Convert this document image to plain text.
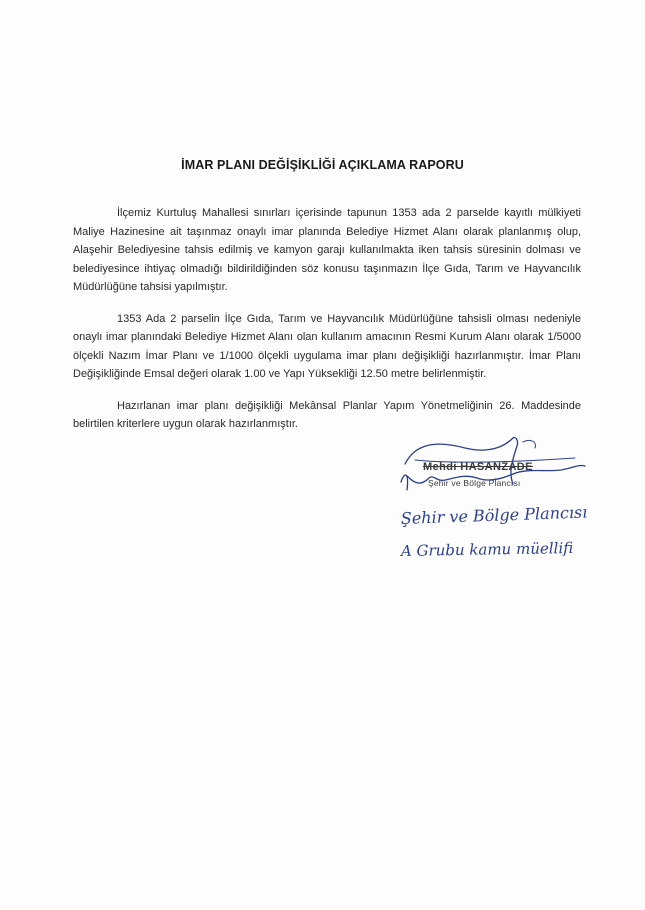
İMAR PLANI DEĞİŞİKLİĞİ AÇIKLAMA RAPORU

İlçemiz Kurtuluş Mahallesi sınırları içerisinde tapunun 1353 ada 2 parselde kayıtlı mülkiyeti Maliye Hazinesine ait taşınmaz onaylı imar planında Belediye Hizmet Alanı olarak planlanmış olup, Alaşehir Belediyesine tahsis edilmiş ve kamyon garajı kullanılmakta iken tahsis süresinin dolması ve belediyesince ihtiyaç olmadığı bildirildiğinden söz konusu taşınmazın İlçe Gıda, Tarım ve Hayvancılık Müdürlüğüne tahsisi yapılmıştır.

1353 Ada 2 parselin İlçe Gıda, Tarım ve Hayvancılık Müdürlüğüne tahsisli olması nedeniyle onaylı imar planındaki Belediye Hizmet Alanı olan kullanım amacının Resmi Kurum Alanı olarak 1/5000 ölçekli Nazım İmar Planı ve 1/1000 ölçekli uygulama imar planı değişikliği hazırlanmıştır. İmar Planı Değişikliğinde Emsal değeri olarak 1.00 ve Yapı Yüksekliği 12.50 metre belirlenmiştir.

Hazırlanan imar planı değişikliği Mekânsal Planlar Yapım Yönetmeliğinin 26. Maddesinde belirtilen kriterlere uygun olarak hazırlanmıştır.

Mehdi HASANZADE
Şehir ve Bölge Plancısı
Şehir ve Bölge Plancısı
A Grubu kamu müellifi
